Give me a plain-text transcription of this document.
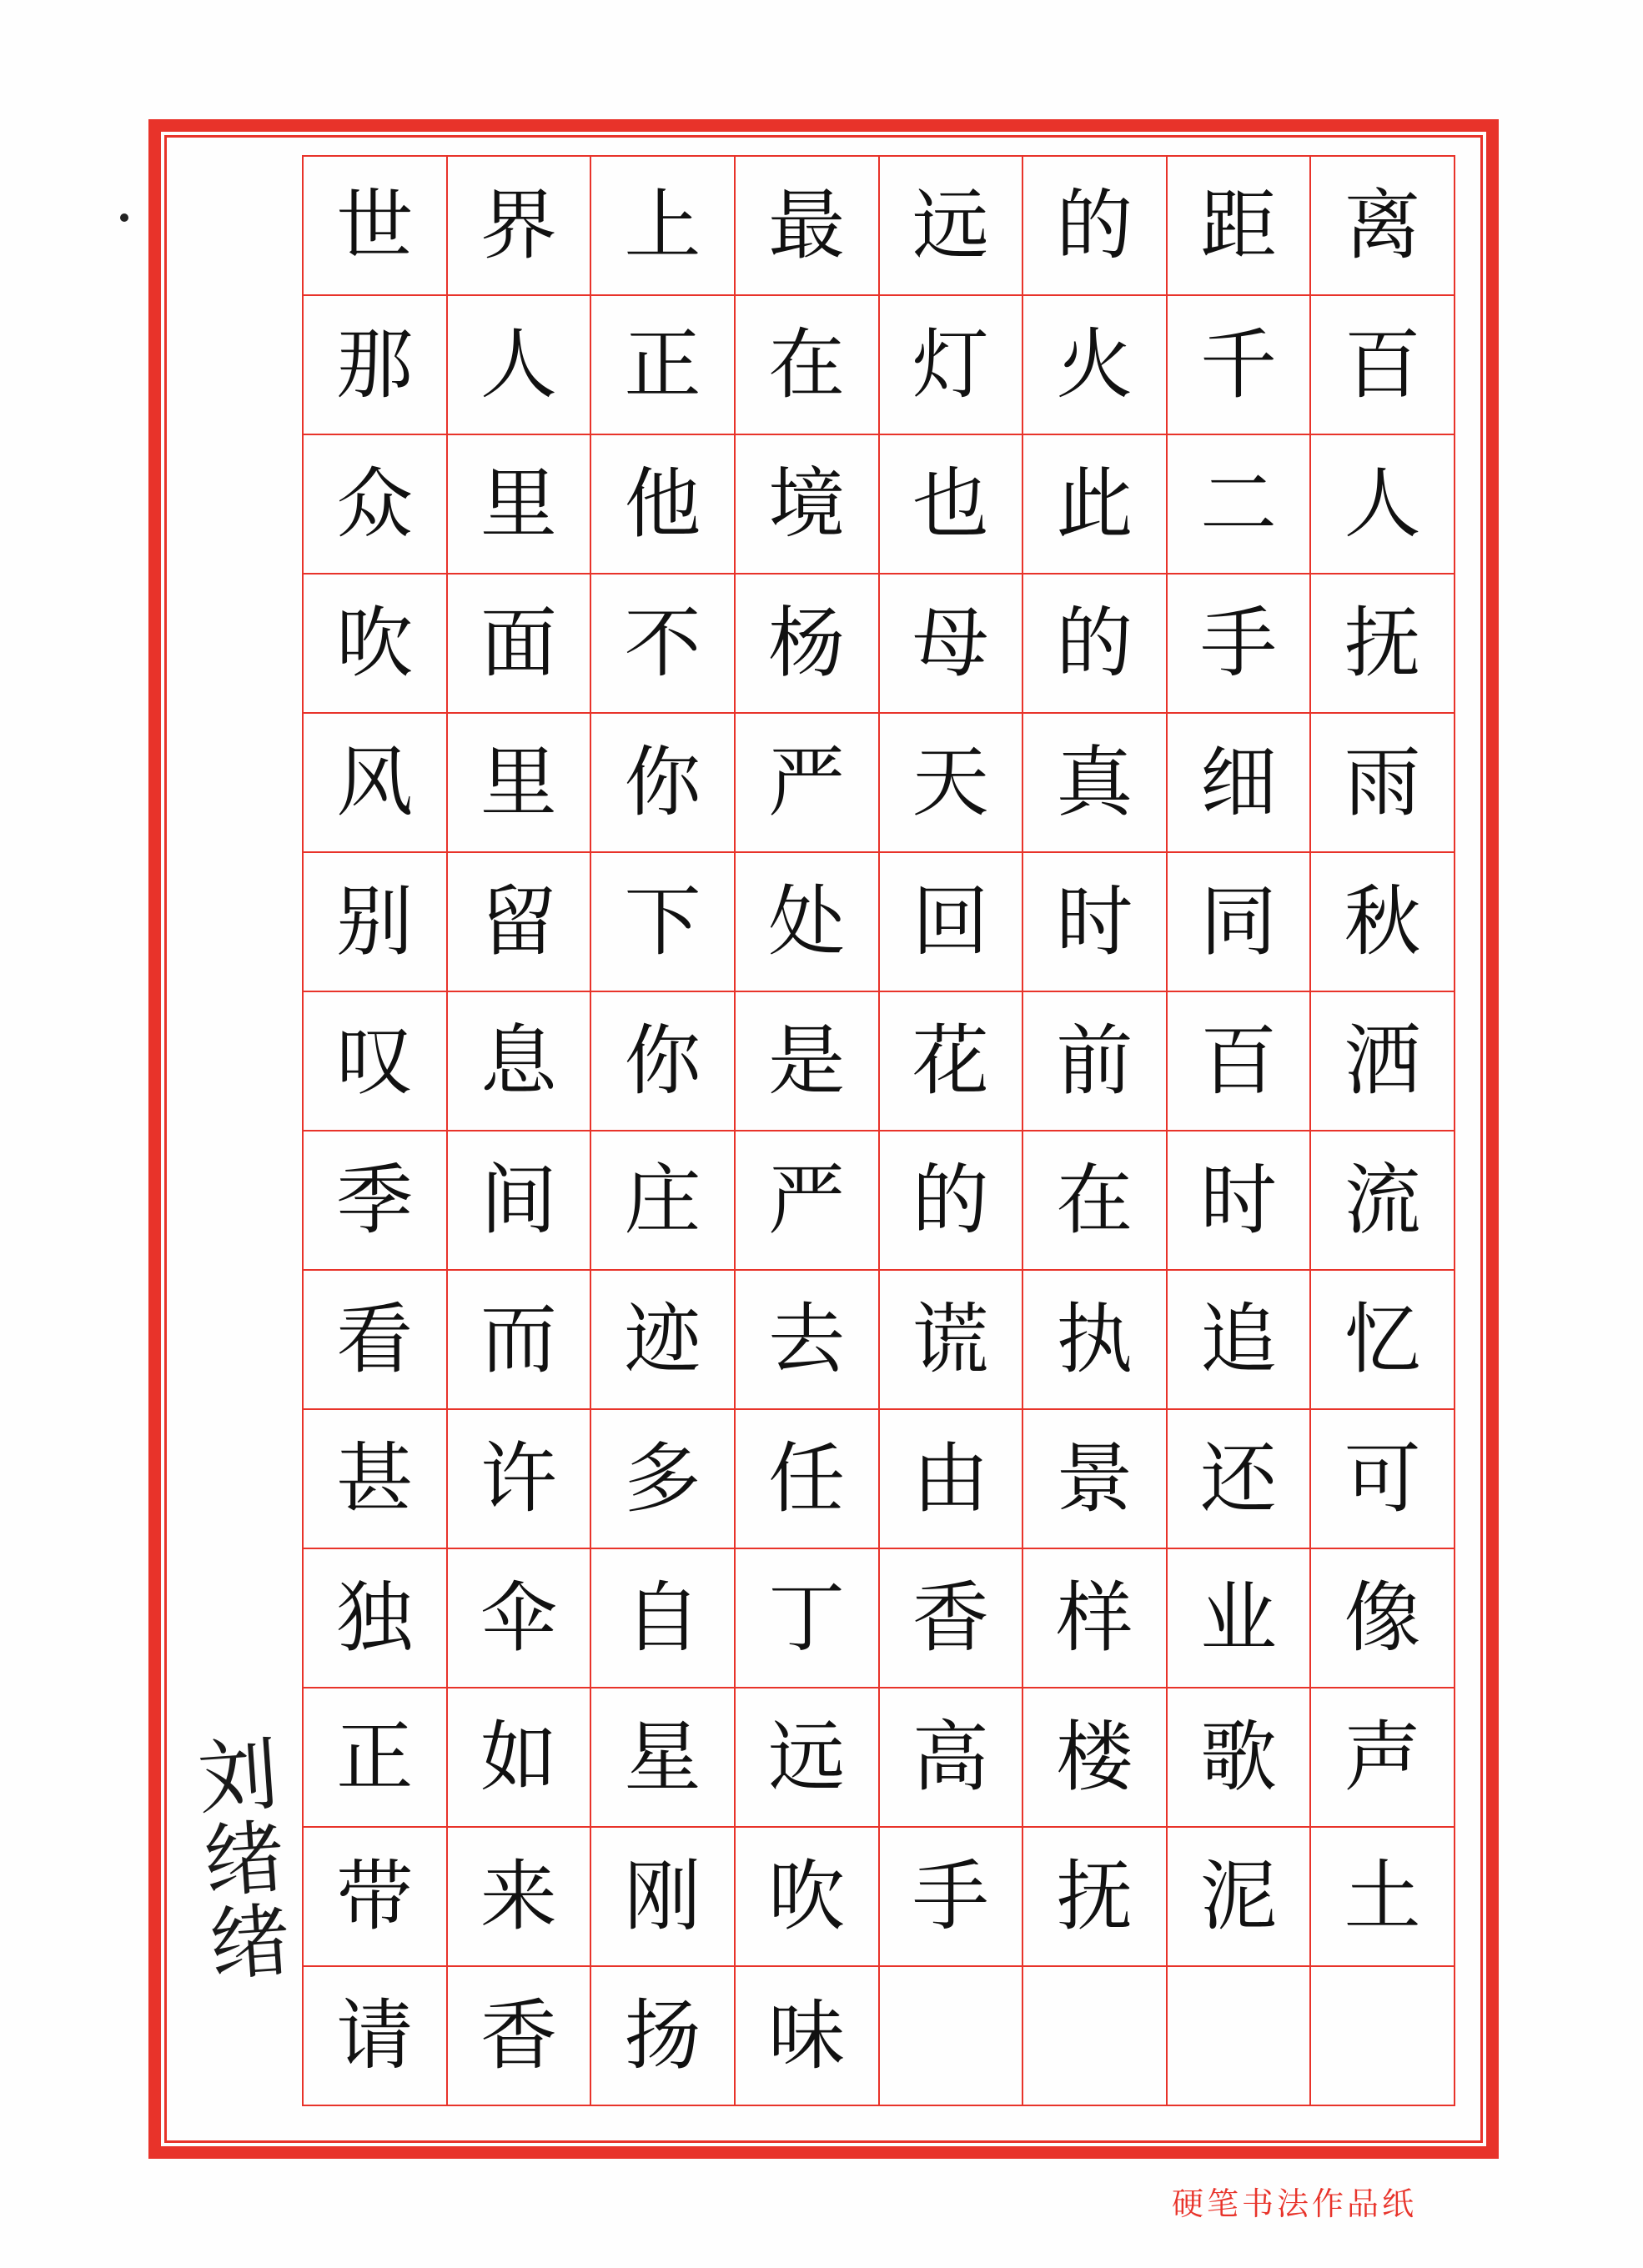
世 界 上 最 远 的 距 离
那 人 正 在 灯 火 千 百
众 里 他 境 也 此 二 人
吹 面 不 杨 母 的 手 抚
风 里 你 严 天 真 细 雨
别 留 下 处 回 时 同 秋
叹 息 你 是 花 前 百 洒
季 间 庄 严 的 在 时 流
看 而 迹 去 谎 执 追 忆
甚 许 多 任 由 景 还 可
独 伞 自 丁 香 样 业 像
正 如 星 远 高 楼 歌 声
带 来 刚 吹 手 抚 泥 土
请 香 扬 味
刘绪绪
硬笔书法作品纸
